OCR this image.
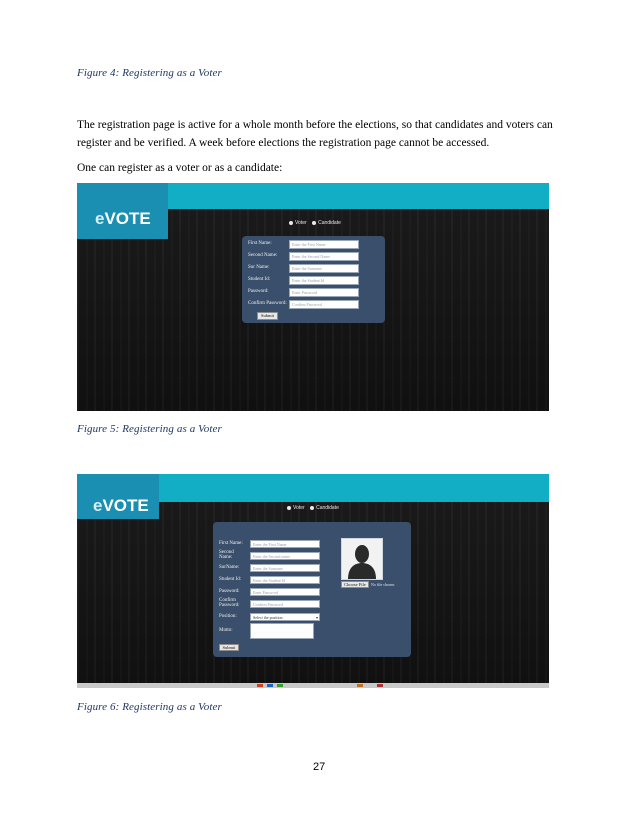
Figure 4: Registering as a Voter
The registration page is active for a whole month before the elections, so that candidates and voters can
register and be verified. A week before elections the registration page cannot be accessed.
One can register as a voter or as a candidate:
eVOTE	Voter Candidate
First Name:	Enter the First Name
Second Name:	Enter the Second Name
Sur Name:	Enter the Surname
Student Id:	Enter the Student Id
Password:	Enter Password
Confirm Password:	Confirm Password
Submit
Figure 5: Registering as a Voter
eVOTE	Voter Candidate
First Name:	Enter the First Name
Second Name:	Enter the Second name
SurName:	Enter the Surname
Student Id:	Enter the Student Id
Password:	Enter Password
Confirm Password:	Confirm Password
Position:	Select the position	▾
Motto:
Submit
Choose File	No file chosen
Figure 6: Registering as a Voter
27
